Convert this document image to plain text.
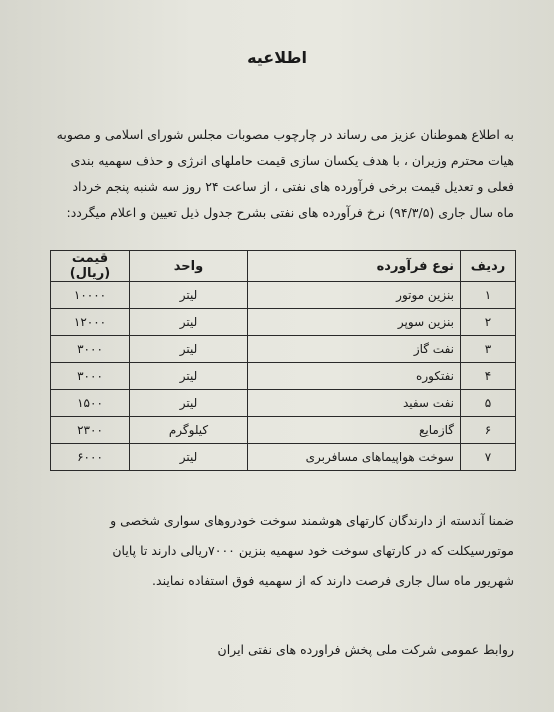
اطلاعیه
به اطلاع هموطنان عزیز می رساند در چارچوب مصوبات مجلس شورای اسلامی و مصوبه
هیات محترم وزیران ، با هدف یکسان سازی قیمت حاملهای انرژی و حذف سهمیه بندی
فعلی و تعدیل قیمت برخی فرآورده های نفتی ، از ساعت ۲۴ روز سه شنبه پنجم خرداد
ماه سال جاری (۹۴/۳/۵) نرخ فرآورده های نفتی بشرح جدول ذیل تعیین و اعلام میگردد:
ردیف	نوع فرآورده	واحد	قیمت (ریال)
۱	بنزین موتور	لیتر	۱۰۰۰۰
۲	بنزین سوپر	لیتر	۱۲۰۰۰
۳	نفت گاز	لیتر	۳۰۰۰
۴	نفتکوره	لیتر	۳۰۰۰
۵	نفت سفید	لیتر	۱۵۰۰
۶	گازمایع	کیلوگرم	۲۳۰۰
۷	سوخت هواپیماهای مسافربری	لیتر	۶۰۰۰
ضمنا آندسته از دارندگان کارتهای هوشمند سوخت خودروهای سواری شخصی و
موتورسیکلت که در کارتهای سوخت خود سهمیه بنزین ۷۰۰۰ریالی دارند تا پایان
شهریور ماه سال جاری فرصت دارند که از سهمیه فوق استفاده نمایند.
روابط عمومی شرکت ملی پخش فراورده های نفتی ایران
